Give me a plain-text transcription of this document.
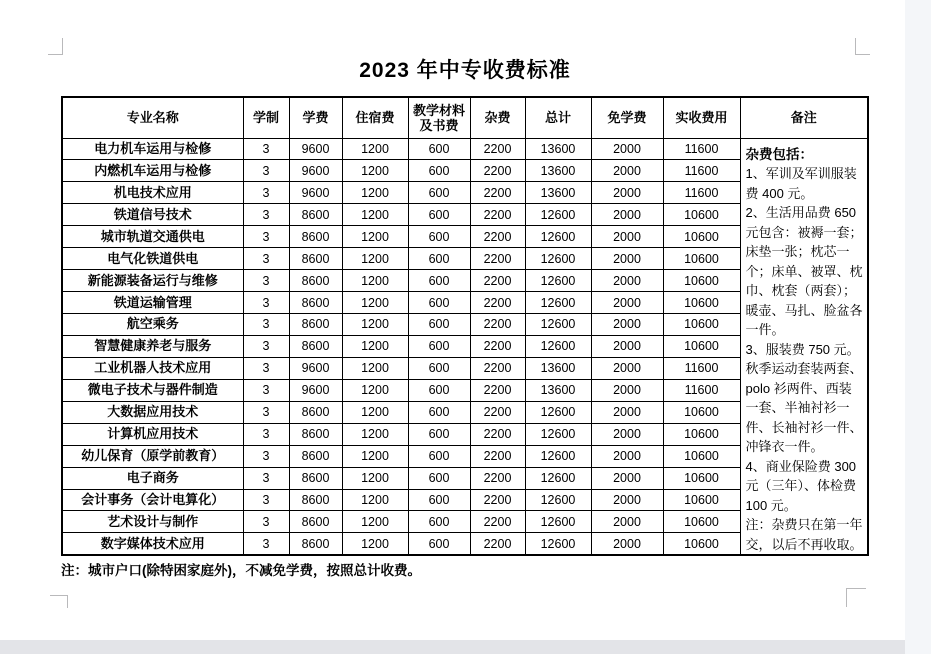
2023 年中专收费标准
专业名称	学制	学费	住宿费	教学材料及书费	杂费	总计	免学费	实收费用	备注
电力机车运用与检修	3	9600	1200	600	2200	13600	2000	11600	杂费包括：
1、军训及军训服装费 400 元。
2、生活用品费 650 元包含：被褥一套；床垫一张；枕芯一个；床单、被罩、枕巾、枕套（两套）；暖壶、马扎、脸盆各一件。
3、服装费 750 元。秋季运动套装两套、polo 衫两件、西装一套、半袖衬衫一件、长袖衬衫一件、冲锋衣一件。
4、商业保险费 300 元（三年）、体检费 100 元。
注：杂费只在第一年交，以后不再收取。

内燃机车运用与检修	3	9600	1200	600	2200	13600	2000	11600	
机电技术应用	3	9600	1200	600	2200	13600	2000	11600	
铁道信号技术	3	8600	1200	600	2200	12600	2000	10600	
城市轨道交通供电	3	8600	1200	600	2200	12600	2000	10600	
电气化铁道供电	3	8600	1200	600	2200	12600	2000	10600	
新能源装备运行与维修	3	8600	1200	600	2200	12600	2000	10600	
铁道运输管理	3	8600	1200	600	2200	12600	2000	10600	
航空乘务	3	8600	1200	600	2200	12600	2000	10600	
智慧健康养老与服务	3	8600	1200	600	2200	12600	2000	10600	
工业机器人技术应用	3	9600	1200	600	2200	13600	2000	11600	
微电子技术与器件制造	3	9600	1200	600	2200	13600	2000	11600	
大数据应用技术	3	8600	1200	600	2200	12600	2000	10600	
计算机应用技术	3	8600	1200	600	2200	12600	2000	10600	
幼儿保育（原学前教育）	3	8600	1200	600	2200	12600	2000	10600	
电子商务	3	8600	1200	600	2200	12600	2000	10600	
会计事务（会计电算化）	3	8600	1200	600	2200	12600	2000	10600	
艺术设计与制作	3	8600	1200	600	2200	12600	2000	10600	
数字媒体技术应用	3	8600	1200	600	2200	12600	2000	10600	

注：城市户口(除特困家庭外)，不减免学费，按照总计收费。
